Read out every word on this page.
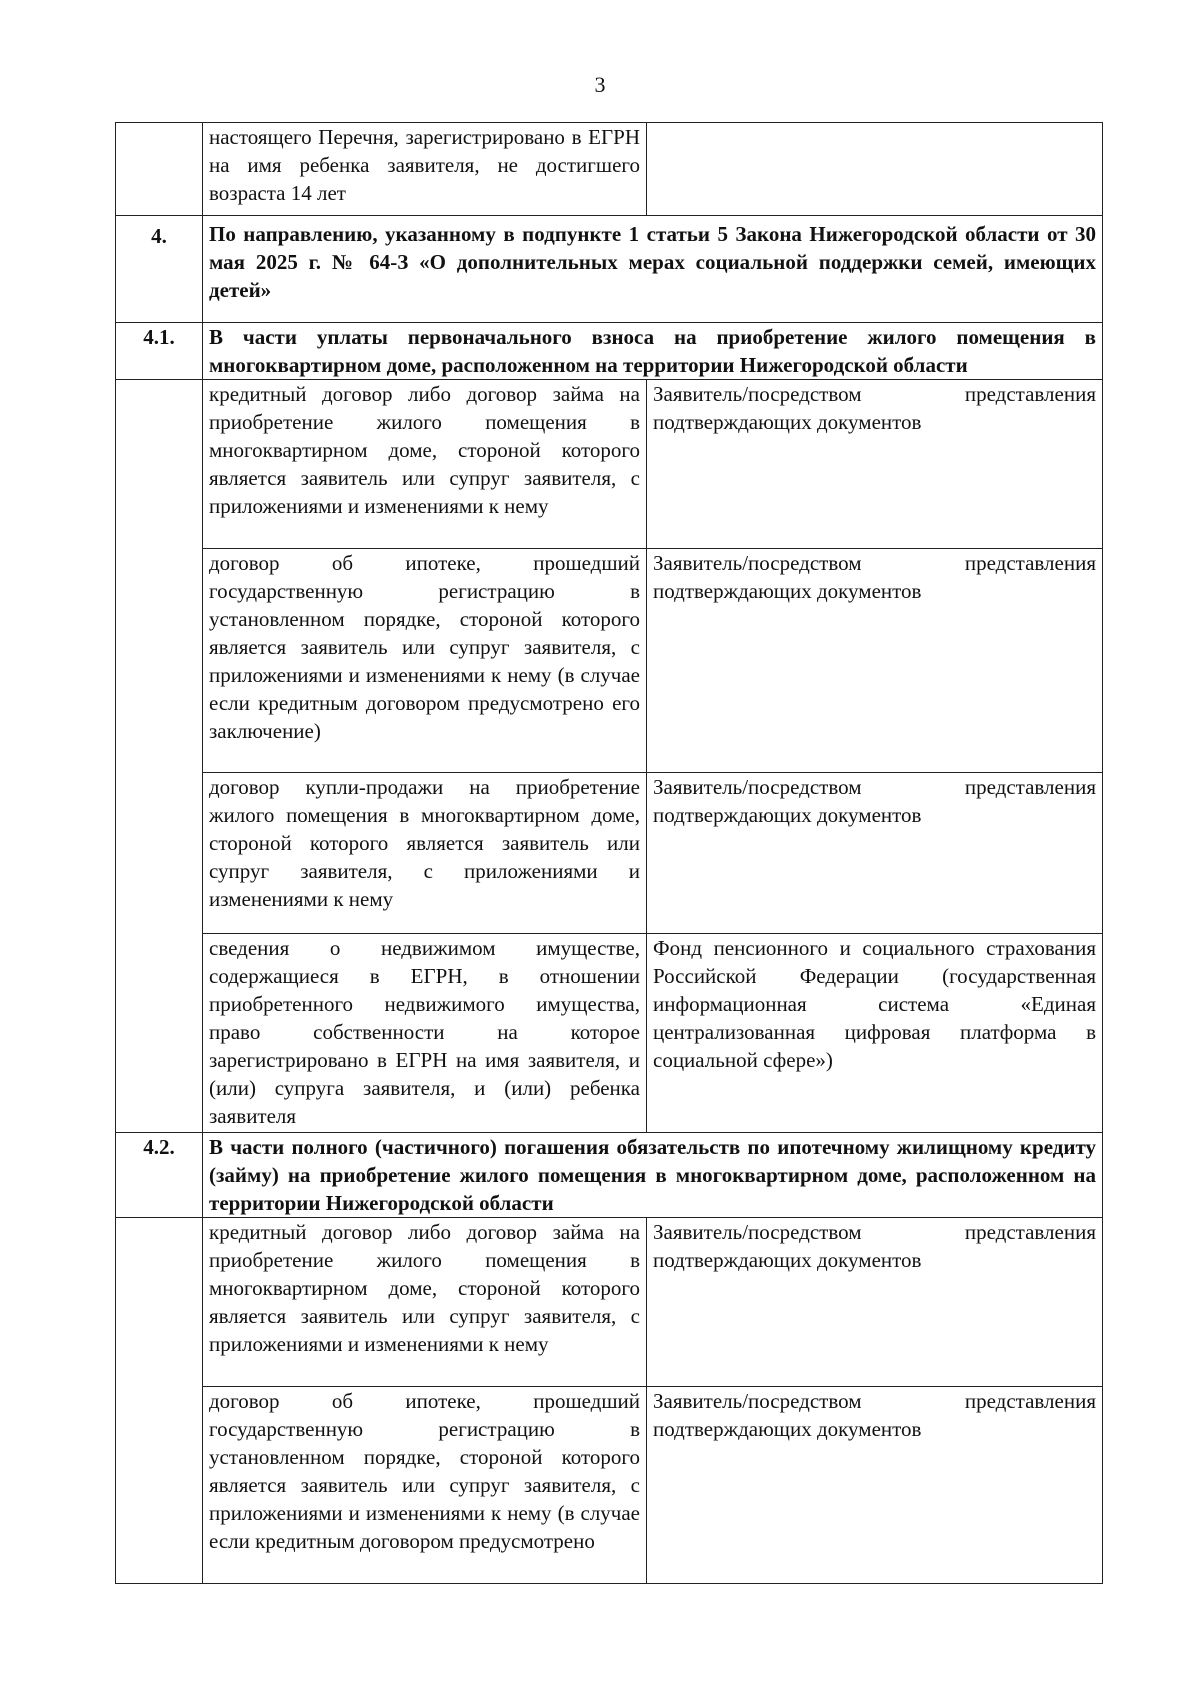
3
	настоящего Перечня, зарегистрировано в ЕГРН на имя ребенка заявителя, не достигшего возраста 14 лет	

4.	По направлению, указанному в подпункте 1 статьи 5 Закона Нижегородской области от 30 мая 2025 г. № 64-З «О дополнительных мерах социальной поддержки семей, имеющих детей»	
4.1.	В части уплаты первоначального взноса на приобретение жилого помещения в многоквартирном доме, расположенном на территории Нижегородской области	
	кредитный договор либо договор займа на приобретение жилого помещения в многоквартирном доме, стороной которого является заявитель или супруг заявителя, с приложениями и изменениями к нему	Заявитель/посредством представления подтверждающих документов
	договор об ипотеке, прошедший государственную регистрацию в установленном порядке, стороной которого является заявитель или супруг заявителя, с приложениями и изменениями к нему (в случае если кредитным договором предусмотрено его заключение)	Заявитель/посредством представления подтверждающих документов
	договор купли-продажи на приобретение жилого помещения в многоквартирном доме, стороной которого является заявитель или супруг заявителя, с приложениями и изменениями к нему	Заявитель/посредством представления подтверждающих документов
	сведения о недвижимом имуществе, содержащиеся в ЕГРН, в отношении приобретенного недвижимого имущества, право собственности на которое зарегистрировано в ЕГРН на имя заявителя, и (или) супруга заявителя, и (или) ребенка заявителя	Фонд пенсионного и социального страхования Российской Федерации (государственная информационная система «Единая централизованная цифровая платформа в социальной сфере»)
4.2.	В части полного (частичного) погашения обязательств по ипотечному жилищному кредиту (займу) на приобретение жилого помещения в многоквартирном доме, расположенном на территории Нижегородской области	
	кредитный договор либо договор займа на приобретение жилого помещения в многоквартирном доме, стороной которого является заявитель или супруг заявителя, с приложениями и изменениями к нему	Заявитель/посредством представления подтверждающих документов
	договор об ипотеке, прошедший государственную регистрацию в установленном порядке, стороной которого является заявитель или супруг заявителя, с приложениями и изменениями к нему (в случае если кредитным договором предусмотрено	Заявитель/посредством представления подтверждающих документов
